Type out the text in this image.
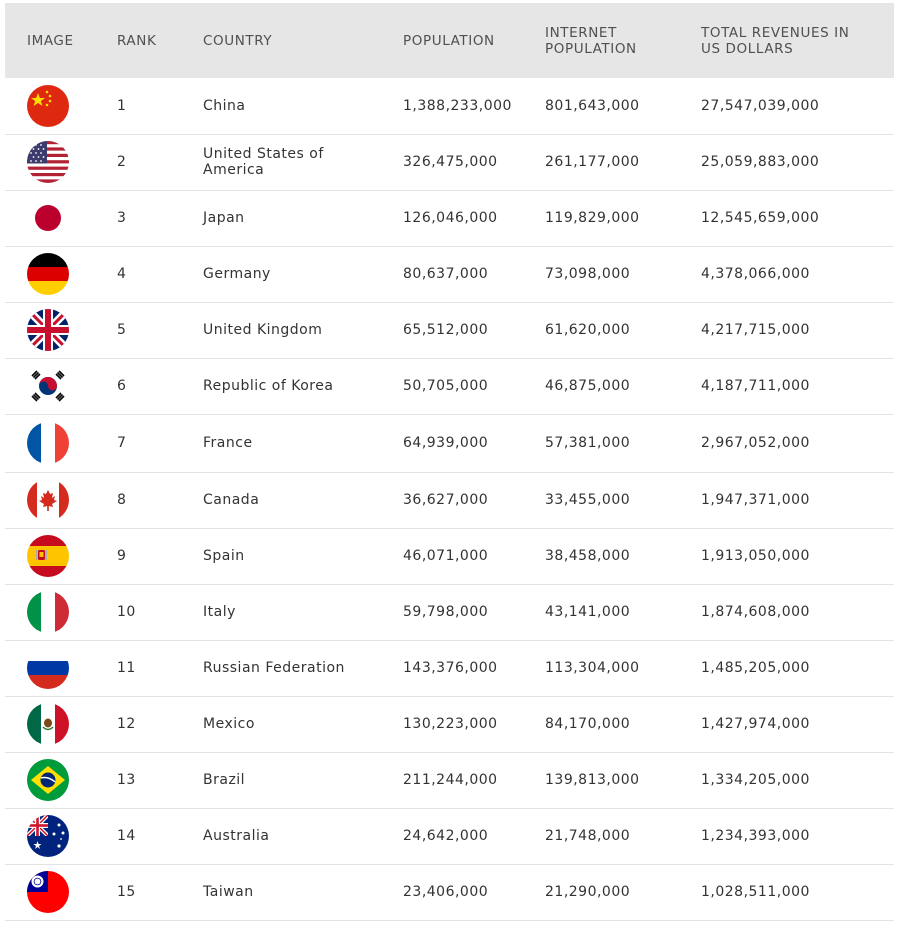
IMAGE	RANK	COUNTRY	POPULATION	INTERNET
POPULATION	TOTAL REVENUES IN
US DOLLARS

	1	China	1,388,233,000	801,643,000	27,547,039,000

	2	United States of
America	326,475,000	261,177,000	25,059,883,000

	3	Japan	126,046,000	119,829,000	12,545,659,000

	4	Germany	80,637,000	73,098,000	4,378,066,000

	5	United Kingdom	65,512,000	61,620,000	4,217,715,000

	6	Republic of Korea	50,705,000	46,875,000	4,187,711,000

	7	France	64,939,000	57,381,000	2,967,052,000

	8	Canada	36,627,000	33,455,000	1,947,371,000

	9	Spain	46,071,000	38,458,000	1,913,050,000

	10	Italy	59,798,000	43,141,000	1,874,608,000

	11	Russian Federation	143,376,000	113,304,000	1,485,205,000

	12	Mexico	130,223,000	84,170,000	1,427,974,000

	13	Brazil	211,244,000	139,813,000	1,334,205,000

	14	Australia	24,642,000	21,748,000	1,234,393,000

	15	Taiwan	23,406,000	21,290,000	1,028,511,000
